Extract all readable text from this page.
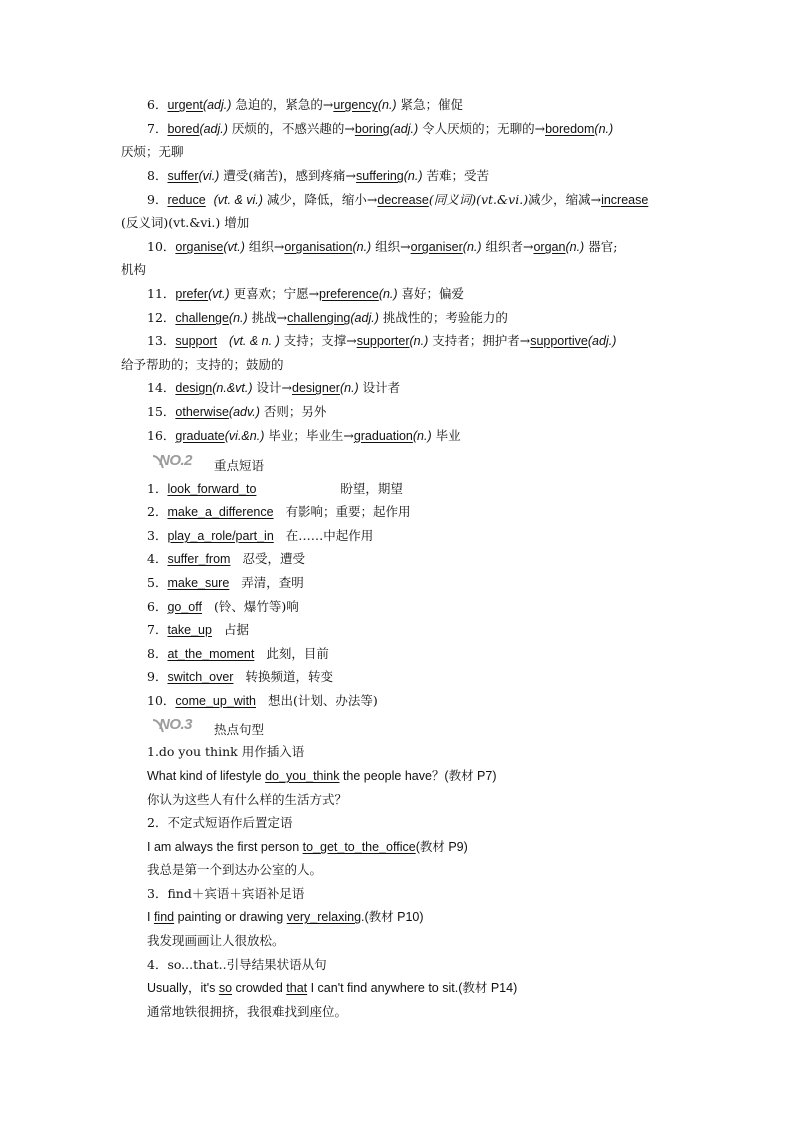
6．urgent(adj.) 急迫的，紧急的→urgency(n.) 紧急；催促
7．bored(adj.) 厌烦的，不感兴趣的→boring(adj.) 令人厌烦的；无聊的→boredom(n.)
厌烦；无聊
8．suffer(vi.) 遭受(痛苦)，感到疼痛→suffering(n.) 苦难；受苦
9．reduce (vt. & vi.) 减少，降低，缩小→decrease(同义词)(vt.&vi.)减少，缩减→increase
(反义词)(vt.&vi.) 增加
10．organise(vt.) 组织→organisation(n.) 组织→organiser(n.) 组织者→organ(n.) 器官;
机构
11．prefer(vt.) 更喜欢；宁愿→preference(n.) 喜好；偏爱
12．challenge(n.) 挑战→challenging(adj.) 挑战性的；考验能力的
13．support (vt. & n. ) 支持；支撑→supporter(n.) 支持者；拥护者→supportive(adj.)
给予帮助的；支持的；鼓励的
14．design(n.&vt.) 设计→designer(n.) 设计者
15．otherwise(adv.) 否则；另外
16．graduate(vi.&n.) 毕业；毕业生→graduation(n.) 毕业
NO.2 重点短语
1．look_forward_to	盼望，期望
2．make_a_difference 有影响；重要；起作用
3．play_a_role/part_in 在……中起作用
4．suffer_from 忍受，遭受
5．make_sure 弄清，查明
6．go_off (铃、爆竹等)响
7．take_up 占据
8．at_the_moment 此刻，目前
9．switch_over 转换频道，转变
10．come_up_with 想出(计划、办法等)
NO.3 热点句型
1.do you think 用作插入语
What kind of lifestyle do_you_think the people have？(教材 P7)
你认为这些人有什么样的生活方式？
2．不定式短语作后置定语
I am always the first person to_get_to_the_office(教材 P9)
我总是第一个到达办公室的人。
3．find＋宾语＋宾语补足语
I find painting or drawing very_relaxing.(教材 P10)
我发现画画让人很放松。
4．so...that..引导结果状语从句
Usually，it's so crowded that I can't find anywhere to sit.(教材 P14)
通常地铁很拥挤，我很难找到座位。
